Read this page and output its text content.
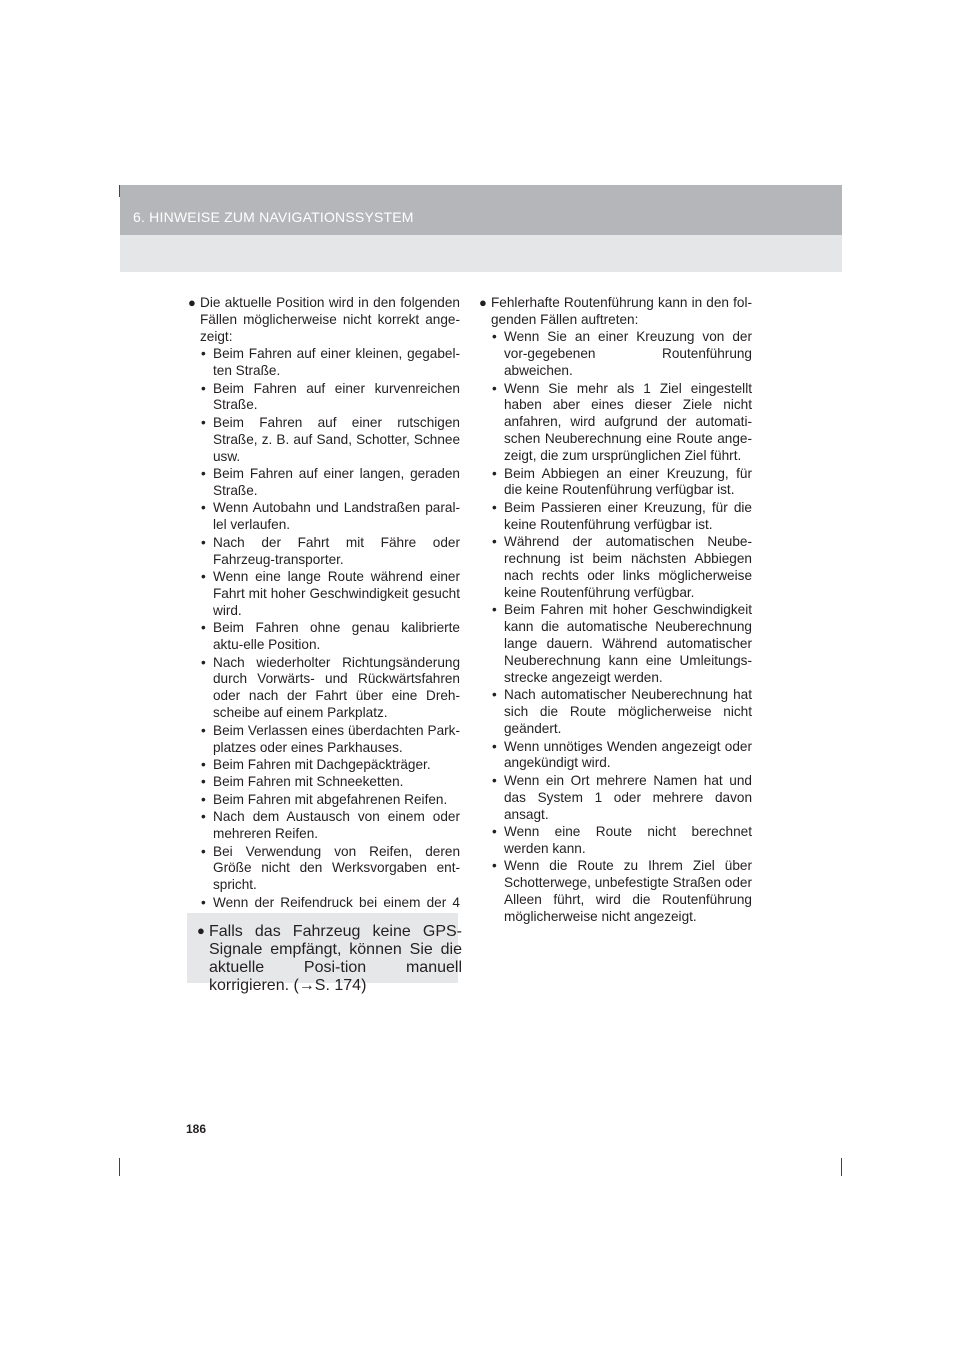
6. HINWEISE ZUM NAVIGATIONSSYSTEM
● Die aktuelle Position wird in den folgenden Fällen möglicherweise nicht korrekt ange-zeigt:
• Beim Fahren auf einer kleinen, gegabel-ten Straße.
• Beim Fahren auf einer kurvenreichen Straße.
• Beim Fahren auf einer rutschigen Straße, z. B. auf Sand, Schotter, Schnee usw.
• Beim Fahren auf einer langen, geraden Straße.
• Wenn Autobahn und Landstraßen paral-lel verlaufen.
• Nach der Fahrt mit Fähre oder Fahrzeug-transporter.
• Wenn eine lange Route während einer Fahrt mit hoher Geschwindigkeit gesucht wird.
• Beim Fahren ohne genau kalibrierte aktu-elle Position.
• Nach wiederholter Richtungsänderung durch Vorwärts- und Rückwärtsfahren oder nach der Fahrt über eine Dreh-scheibe auf einem Parkplatz.
• Beim Verlassen eines überdachten Park-platzes oder eines Parkhauses.
• Beim Fahren mit Dachgepäckträger.
• Beim Fahren mit Schneeketten.
• Beim Fahren mit abgefahrenen Reifen.
• Nach dem Austausch von einem oder mehreren Reifen.
• Bei Verwendung von Reifen, deren Größe nicht den Werksvorgaben ent-spricht.
• Wenn der Reifendruck bei einem der 4
● Falls das Fahrzeug keine GPS-Signale empfängt, können Sie die aktuelle Posi-tion manuell korrigieren. (→S. 174)
● Fehlerhafte Routenführung kann in den fol-genden Fällen auftreten:
• Wenn Sie an einer Kreuzung von der vor-gegebenen Routenführung abweichen.
• Wenn Sie mehr als 1 Ziel eingestellt haben aber eines dieser Ziele nicht anfahren, wird aufgrund der automati-schen Neuberechnung eine Route ange-zeigt, die zum ursprünglichen Ziel führt.
• Beim Abbiegen an einer Kreuzung, für die keine Routenführung verfügbar ist.
• Beim Passieren einer Kreuzung, für die keine Routenführung verfügbar ist.
• Während der automatischen Neube-rechnung ist beim nächsten Abbiegen nach rechts oder links möglicherweise keine Routenführung verfügbar.
• Beim Fahren mit hoher Geschwindigkeit kann die automatische Neuberechnung lange dauern. Während automatischer Neuberechnung kann eine Umleitungs-strecke angezeigt werden.
• Nach automatischer Neuberechnung hat sich die Route möglicherweise nicht geändert.
• Wenn unnötiges Wenden angezeigt oder angekündigt wird.
• Wenn ein Ort mehrere Namen hat und das System 1 oder mehrere davon ansagt.
• Wenn eine Route nicht berechnet werden kann.
• Wenn die Route zu Ihrem Ziel über Schotterwege, unbefestigte Straßen oder Alleen führt, wird die Routenführung möglicherweise nicht angezeigt.
186
